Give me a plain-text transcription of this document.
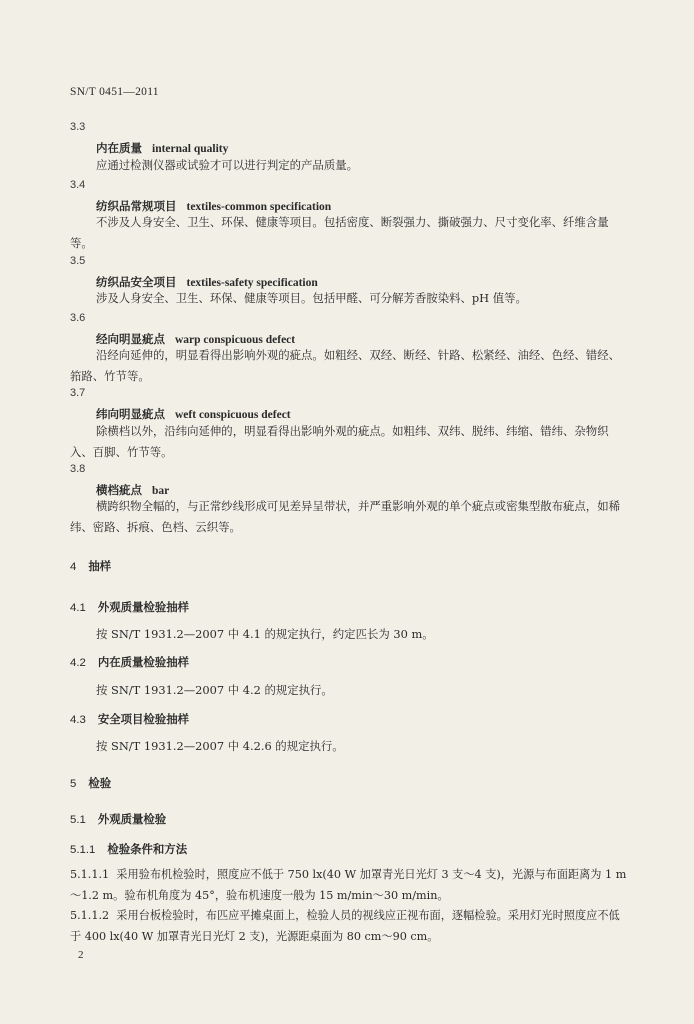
SN/T 0451—2011
3.3
内在质量 internal quality
应通过检测仪器或试验才可以进行判定的产品质量。
3.4
纺织品常规项目 textiles-common specification
不涉及人身安全、卫生、环保、健康等项目。包括密度、断裂强力、撕破强力、尺寸变化率、纤维含量等。
3.5
纺织品安全项目 textiles-safety specification
涉及人身安全、卫生、环保、健康等项目。包括甲醛、可分解芳香胺染料、pH 值等。
3.6
经向明显疵点 warp conspicuous defect
沿经向延伸的，明显看得出影响外观的疵点。如粗经、双经、断经、针路、松紧经、油经、色经、错经、筘路、竹节等。
3.7
纬向明显疵点 weft conspicuous defect
除横档以外，沿纬向延伸的，明显看得出影响外观的疵点。如粗纬、双纬、脱纬、纬缩、错纬、杂物织入、百脚、竹节等。
3.8
横档疵点 bar
横跨织物全幅的，与正常纱线形成可见差异呈带状，并严重影响外观的单个疵点或密集型散布疵点，如稀纬、密路、拆痕、色档、云织等。
4 抽样
4.1 外观质量检验抽样
按 SN/T 1931.2—2007 中 4.1 的规定执行，约定匹长为 30 m。
4.2 内在质量检验抽样
按 SN/T 1931.2—2007 中 4.2 的规定执行。
4.3 安全项目检验抽样
按 SN/T 1931.2—2007 中 4.2.6 的规定执行。
5 检验
5.1 外观质量检验
5.1.1 检验条件和方法
5.1.1.1 采用验布机检验时，照度应不低于 750 lx(40 W 加罩青光日光灯 3 支～4 支)，光源与布面距离为 1 m～1.2 m。验布机角度为 45°，验布机速度一般为 15 m/min～30 m/min。
5.1.1.2 采用台板检验时，布匹应平摊桌面上，检验人员的视线应正视布面，逐幅检验。采用灯光时照度应不低于 400 lx(40 W 加罩青光日光灯 2 支)，光源距桌面为 80 cm～90 cm。
2
